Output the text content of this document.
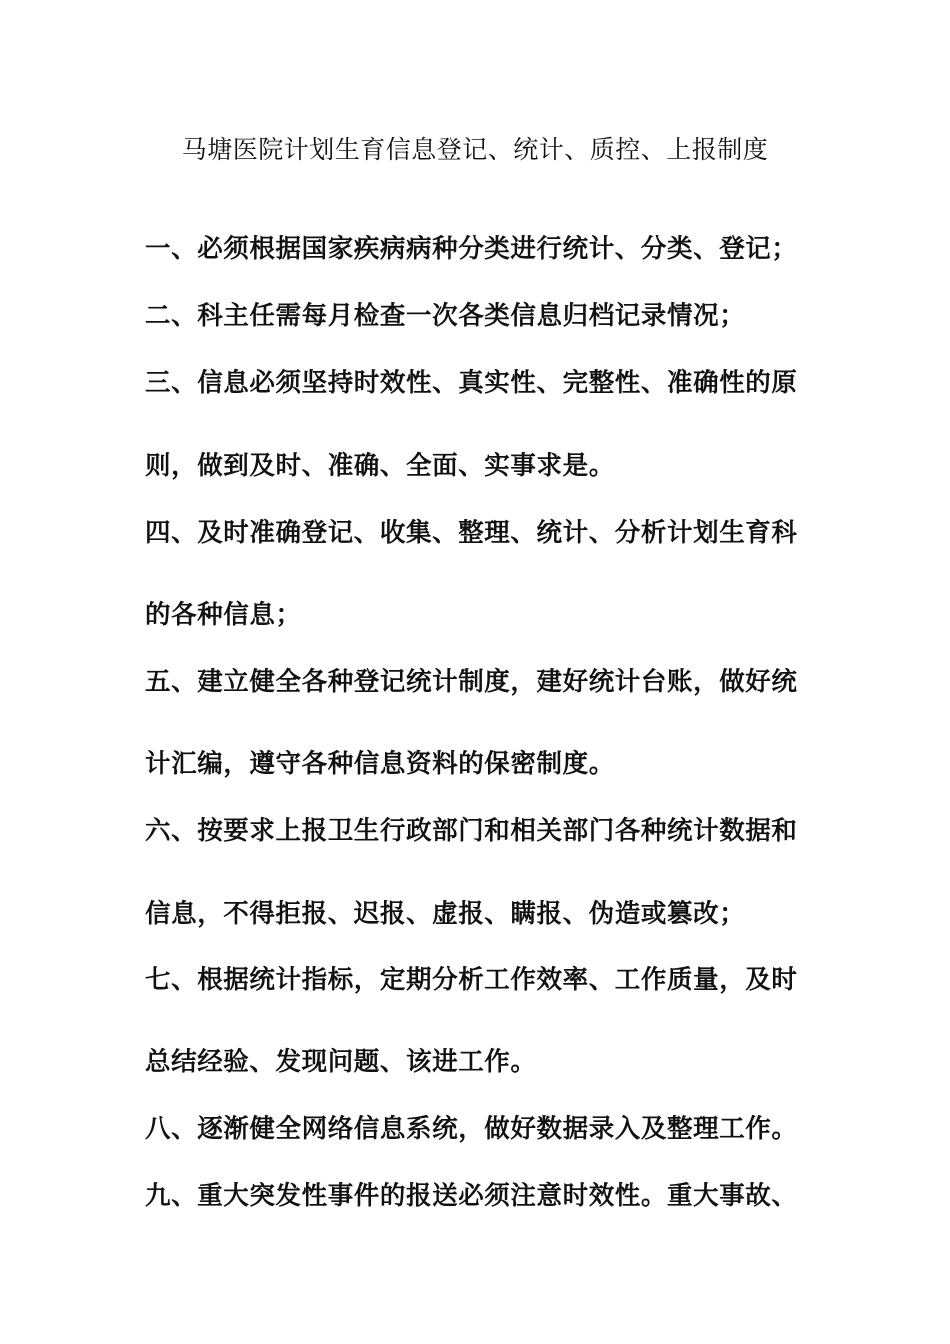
马塘医院计划生育信息登记、统计、质控、上报制度
一、必须根据国家疾病病种分类进行统计、分类、登记；
二、科主任需每月检查一次各类信息归档记录情况；
三、信息必须坚持时效性、真实性、完整性、准确性的原
则，做到及时、准确、全面、实事求是。
四、及时准确登记、收集、整理、统计、分析计划生育科
的各种信息；
五、建立健全各种登记统计制度，建好统计台账，做好统
计汇编，遵守各种信息资料的保密制度。
六、按要求上报卫生行政部门和相关部门各种统计数据和
信息，不得拒报、迟报、虚报、瞒报、伪造或篡改；
七、根据统计指标，定期分析工作效率、工作质量，及时
总结经验、发现问题、该进工作。
八、逐渐健全网络信息系统，做好数据录入及整理工作。
九、重大突发性事件的报送必须注意时效性。重大事故、
